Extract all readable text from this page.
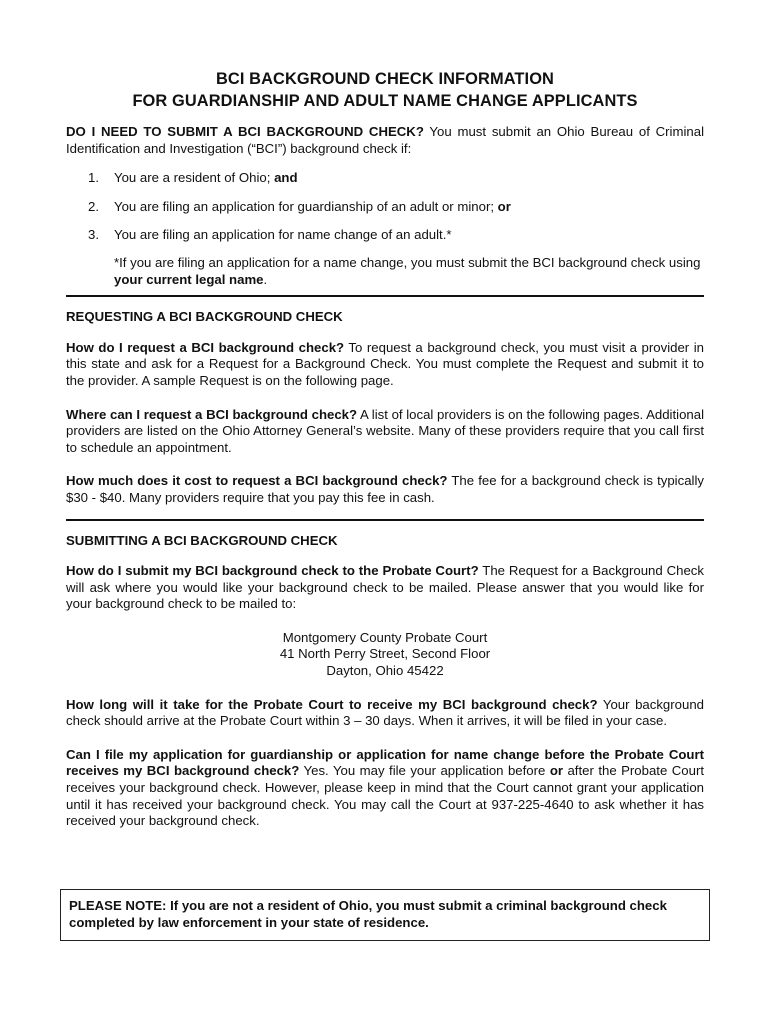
BCI BACKGROUND CHECK INFORMATION
FOR GUARDIANSHIP AND ADULT NAME CHANGE APPLICANTS

DO I NEED TO SUBMIT A BCI BACKGROUND CHECK? You must submit an Ohio Bureau of Criminal Identification and Investigation (“BCI”) background check if:

1.	You are a resident of Ohio; and
2.	You are filing an application for guardianship of an adult or minor; or
3.	You are filing an application for name change of an adult.*

*If you are filing an application for a name change, you must submit the BCI background check using your current legal name.

REQUESTING A BCI BACKGROUND CHECK

How do I request a BCI background check? To request a background check, you must visit a provider in this state and ask for a Request for a Background Check. You must complete the Request and submit it to the provider. A sample Request is on the following page.

Where can I request a BCI background check? A list of local providers is on the following pages. Additional providers are listed on the Ohio Attorney General’s website. Many of these providers require that you call first to schedule an appointment.

How much does it cost to request a BCI background check? The fee for a background check is typically $30 - $40. Many providers require that you pay this fee in cash.

SUBMITTING A BCI BACKGROUND CHECK

How do I submit my BCI background check to the Probate Court? The Request for a Background Check will ask where you would like your background check to be mailed. Please answer that you would like for your background check to be mailed to:

Montgomery County Probate Court
41 North Perry Street, Second Floor
Dayton, Ohio 45422

How long will it take for the Probate Court to receive my BCI background check? Your background check should arrive at the Probate Court within 3 – 30 days. When it arrives, it will be filed in your case.

Can I file my application for guardianship or application for name change before the Probate Court receives my BCI background check? Yes. You may file your application before or after the Probate Court receives your background check. However, please keep in mind that the Court cannot grant your application until it has received your background check. You may call the Court at 937-225-4640 to ask whether it has received your background check.

PLEASE NOTE: If you are not a resident of Ohio, you must submit a criminal background check completed by law enforcement in your state of residence.
